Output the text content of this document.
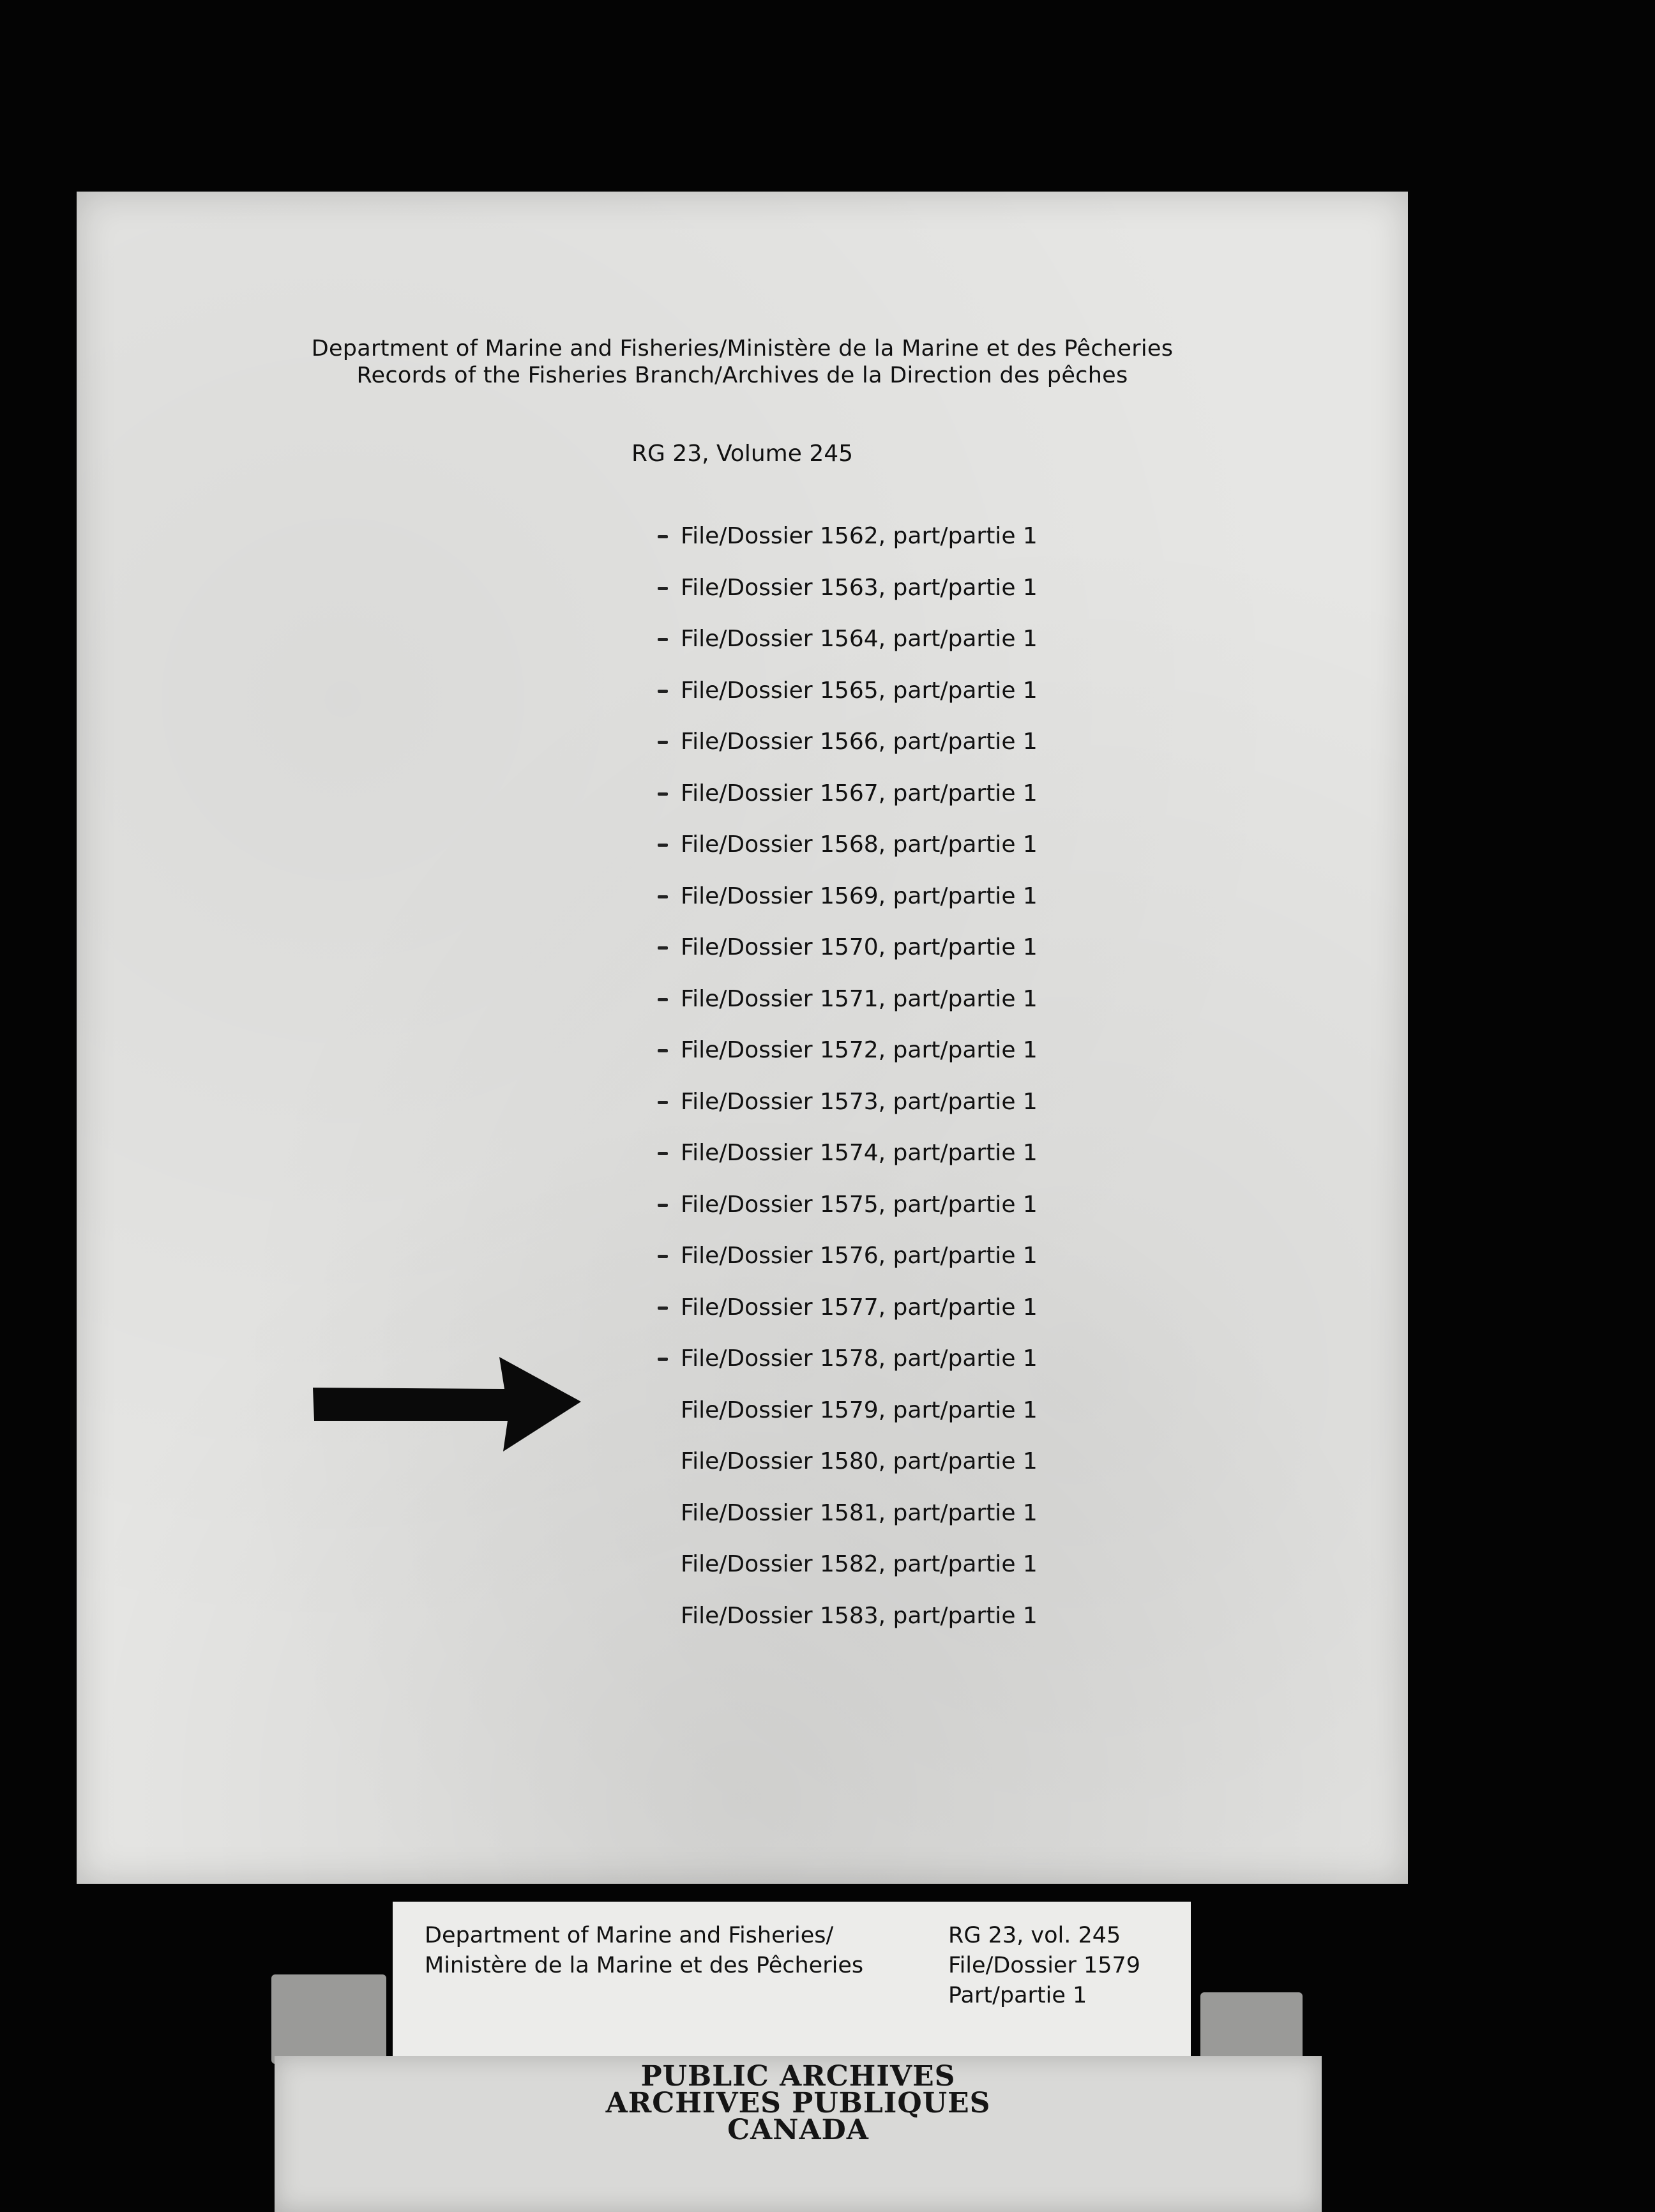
Department of Marine and Fisheries/Ministère de la Marine et des Pêcheries
Records of the Fisheries Branch/Archives de la Direction des pêches
RG 23, Volume 245
File/Dossier 1562, part/partie 1
File/Dossier 1563, part/partie 1
File/Dossier 1564, part/partie 1
File/Dossier 1565, part/partie 1
File/Dossier 1566, part/partie 1
File/Dossier 1567, part/partie 1
File/Dossier 1568, part/partie 1
File/Dossier 1569, part/partie 1
File/Dossier 1570, part/partie 1
File/Dossier 1571, part/partie 1
File/Dossier 1572, part/partie 1
File/Dossier 1573, part/partie 1
File/Dossier 1574, part/partie 1
File/Dossier 1575, part/partie 1
File/Dossier 1576, part/partie 1
File/Dossier 1577, part/partie 1
File/Dossier 1578, part/partie 1
File/Dossier 1579, part/partie 1
File/Dossier 1580, part/partie 1
File/Dossier 1581, part/partie 1
File/Dossier 1582, part/partie 1
File/Dossier 1583, part/partie 1
Department of Marine and Fisheries/
Ministère de la Marine et des Pêcheries
RG 23, vol. 245
File/Dossier 1579
Part/partie 1
PUBLIC ARCHIVES
ARCHIVES PUBLIQUES
CANADA
